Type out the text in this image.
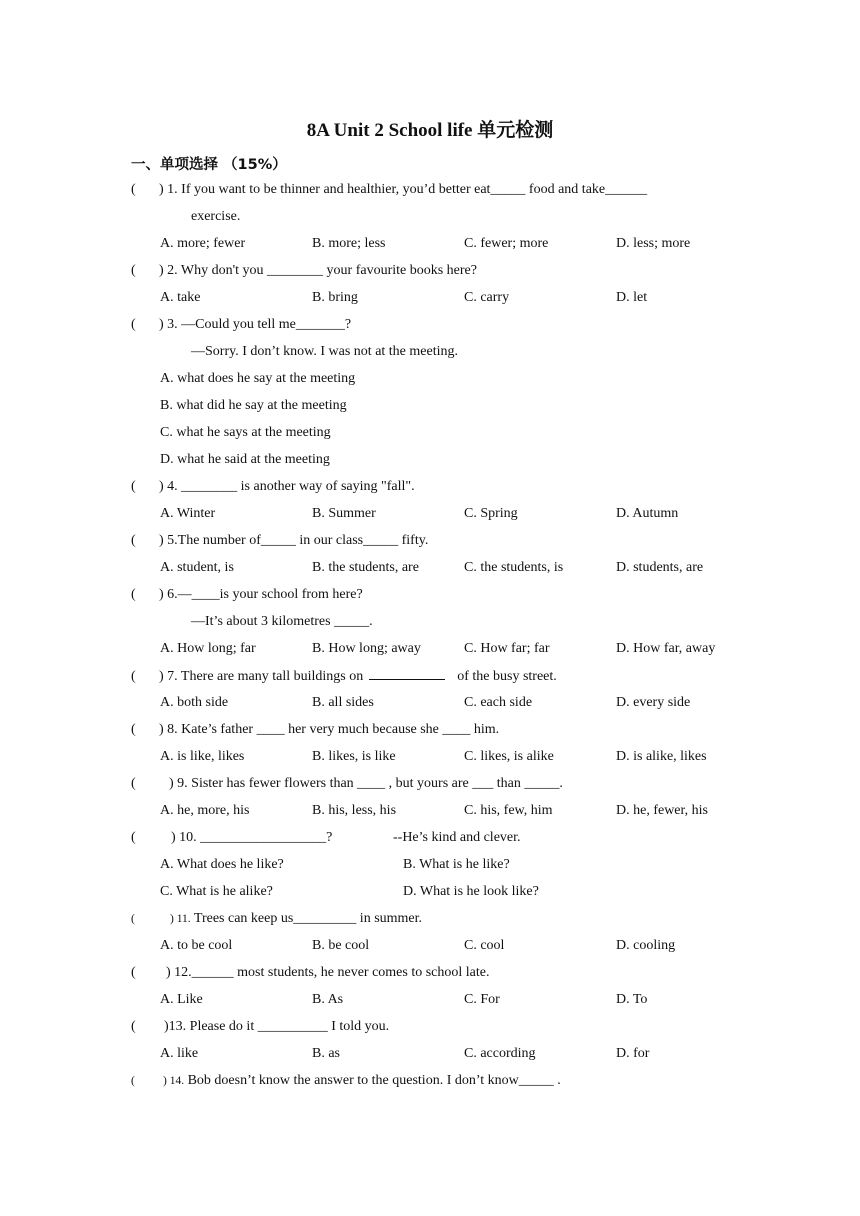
8A Unit 2 School life 单元检测
一、单项选择 （15%）
( ) 1. If you want to be thinner and healthier, you’d better eat_____ food and take______
exercise.
A. more; fewer	B. more; less	C. fewer; more	D. less; more
( ) 2. Why don't you ________ your favourite books here?
A. take	B. bring	C. carry	D. let
( ) 3. —Could you tell me_______?
—Sorry. I don’t know. I was not at the meeting.
A. what does he say at the meeting
B. what did he say at the meeting
C. what he says at the meeting
D. what he said at the meeting
( ) 4. ________ is another way of saying "fall".
A. Winter	B. Summer	C. Spring	D. Autumn
( ) 5.The number of_____ in our class_____ fifty.
A. student, is	B. the students, are	C. the students, is	D. students, are
( ) 6.—____is your school from here?
—It’s about 3 kilometres _____.
A. How long; far	B. How long; away	C. How far; far	D. How far, away
( ) 7. There are many tall buildings on	of the busy street.
A. both side	B. all sides	C. each side	D. every side
( ) 8. Kate’s father ____ her very much because she ____ him.
A. is like, likes	B. likes, is like	C. likes, is alike	D. is alike, likes
( ) 9. Sister has fewer flowers than ____ , but yours are ___ than _____.
A. he, more, his	B. his, less, his	C. his, few, him	D. he, fewer, his
(	) 10. __________________?	--He’s kind and clever.
A. What does he like?	B. What is he like?
C. What is he alike?	D. What is he look like?
(	) 11. Trees can keep us_________ in summer.
A. to be cool	B. be cool	C. cool	D. cooling
( ) 12.______ most students, he never comes to school late.
A. Like	B. As	C. For	D. To
( )13. Please do it __________ I told you.
A. like	B. as	C. according	D. for
( ) 14. Bob doesn’t know the answer to the question. I don’t know_____ .
